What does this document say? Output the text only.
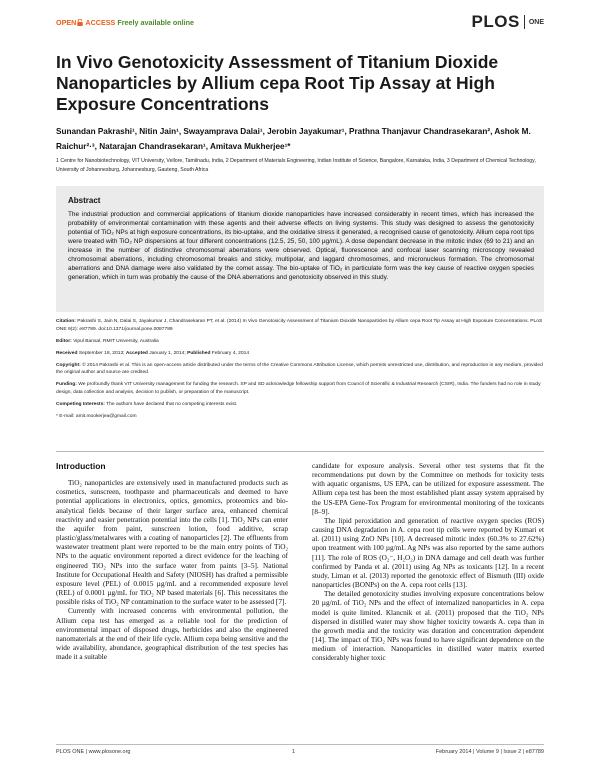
OPEN ACCESS Freely available online	PLOS ONE
In Vivo Genotoxicity Assessment of Titanium Dioxide Nanoparticles by Allium cepa Root Tip Assay at High Exposure Concentrations
Sunandan Pakrashi¹, Nitin Jain¹, Swayamprava Dalai¹, Jerobin Jayakumar¹, Prathna Thanjavur Chandrasekaran², Ashok M. Raichur²·³, Natarajan Chandrasekaran¹, Amitava Mukherjee¹*
1 Centre for Nanobiotechnology, VIT University, Vellore, Tamilnadu, India, 2 Department of Materials Engineering, Indian Institute of Science, Bangalore, Karnataka, India, 3 Department of Chemical Technology, University of Johannesburg, Johannesburg, Gauteng, South Africa
Abstract

The industrial production and commercial applications of titanium dioxide nanoparticles have increased considerably in recent times, which has increased the probability of environmental contamination with these agents and their adverse effects on living systems. This study was designed to assess the genotoxicity potential of TiO₂ NPs at high exposure concentrations, its bio-uptake, and the oxidative stress it generated, a recognised cause of genotoxicity. Allium cepa root tips were treated with TiO₂ NP dispersions at four different concentrations (12.5, 25, 50, 100 µg/mL). A dose dependant decrease in the mitotic index (69 to 21) and an increase in the number of distinctive chromosomal aberrations were observed. Optical, fluorescence and confocal laser scanning microscopy revealed chromosomal aberrations, including chromosomal breaks and sticky, multipolar, and laggard chromosomes, and micronucleus formation. The chromosomal aberrations and DNA damage were also validated by the comet assay. The bio-uptake of TiO₂ in particulate form was the key cause of reactive oxygen species generation, which in turn was probably the cause of the DNA aberrations and genotoxicity observed in this study.

Citation: Pakrashi S, Jain N, Dalai S, Jayakumar J, Chandrasekaran PT, et al. (2014) In Vivo Genotoxicity Assessment of Titanium Dioxide Nanoparticles by Allium cepa Root Tip Assay at High Exposure Concentrations. PLoS ONE 9(2): e87789. doi:10.1371/journal.pone.0087789

Editor: Vipul Bansal, RMIT University, Australia

Received September 18, 2013; Accepted January 1, 2014; Published February 4, 2014

Copyright: © 2014 Pakrashi et al. This is an open-access article distributed under the terms of the Creative Commons Attribution License, which permits unrestricted use, distribution, and reproduction in any medium, provided the original author and source are credited.

Funding: We profoundly thank VIT University management for funding the research. SP and SD acknowledge fellowship support from Council of Scientific & Industrial Research (CSIR), India. The funders had no role in study design, data collection and analysis, decision to publish, or preparation of the manuscript.

Competing Interests: The authors have declared that no competing interests exist.

* E-mail: amit.mookerjea@gmail.com

Introduction

TiO₂ nanoparticles are extensively used in manufactured products such as cosmetics, sunscreen, toothpaste and pharmaceuticals and deemed to have potential applications in electronics, optics, genomics, proteomics and bio-analytical fields because of their larger surface area, enhanced chemical reactivity and easier penetration potential into the cells [1]. TiO₂ NPs can enter the aquifer from paint, sunscreen lotion, food additive, scrap plastic/glass/metalwares with a coating of nanoparticles [2]. The effluents from wastewater treatment plant were reported to be the main entry points of TiO₂ NPs to the aquatic environment reported a direct evidence for the leaching of engineered TiO₂ NPs into the surface water from paints [3–5]. National Institute for Occupational Health and Safety (NIOSH) has drafted a permissible exposure level (PEL) of 0.0015 µg/mL and a recommended exposure level (REL) of 0.0001 µg/mL for TiO₂ NP based materials [6]. This necessitates the possible risks of TiO₂ NP contamination to the surface water to be assessed [7].

Currently with increased concerns with environmental pollution, the Allium cepa test has emerged as a reliable tool for the prediction of environmental impact of disposed drugs, herbicides and also the engineered nanomaterials at the end of their life cycle. Allium cepa being sensitive and the wide availability, abundance, geographical distribution of the test species has made it a suitable

candidate for exposure analysis. Several other test systems that fit the recommendations put down by the Committee on methods for toxicity tests with aquatic organisms, US EPA, can be utilized for exposure assessment. The Allium cepa test has been the most established plant assay system appraised by the US-EPA Gene-Tox Program for environmental monitoring of the toxicants [8–9].

The lipid peroxidation and generation of reactive oxygen species (ROS) causing DNA degradation in A. cepa root tip cells were reported by Kumari et al. (2011) using ZnO NPs [10]. A decreased mitotic index (60.3% to 27.62%) upon treatment with 100 µg/mL Ag NPs was also reported by the same authors [11]. The role of ROS (O₂⁻, H₂O₂) in DNA damage and cell death was further confirmed by Panda et al. (2011) using Ag NPs as toxicants [12]. In a recent study, Liman et al. (2013) reported the genotoxic effect of Bismuth (III) oxide nanoparticles (BONPs) on the A. cepa root cells [13].

The detailed genotoxicity studies involving exposure concentrations below 20 µg/mL of TiO₂ NPs and the effect of internalized nanoparticles in A. cepa model is quite limited. Klancnik et al. (2011) proposed that the TiO₂ NPs dispersed in distilled water may show higher toxicity towards A. cepa than in the growth media and the toxicity was duration and concentration dependent [14]. The impact of TiO₂ NPs was found to have significant dependence on the medium of interaction. Nanoparticles in distilled water matrix exerted considerably higher toxic

PLOS ONE | www.plosone.org	1	February 2014 | Volume 9 | Issue 2 | e87789
